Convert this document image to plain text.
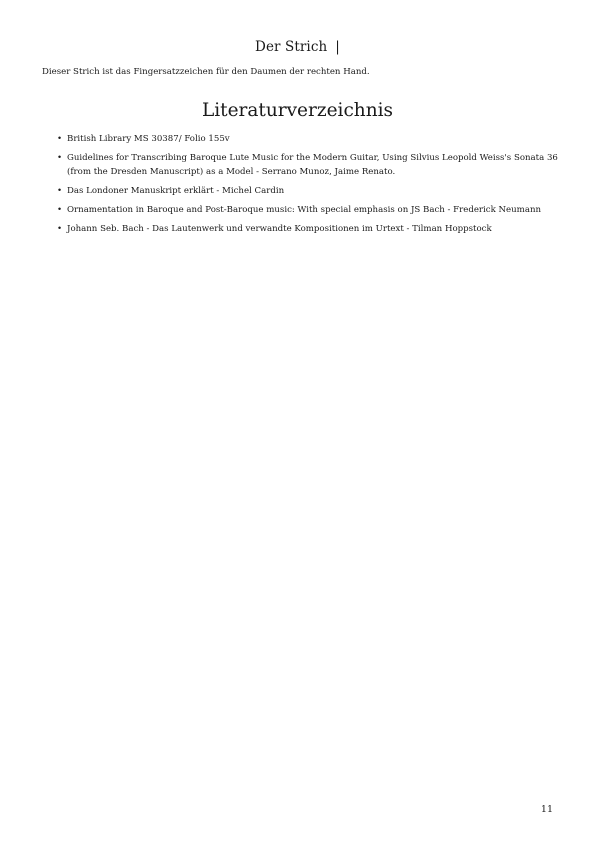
Der Strich |

Dieser Strich ist das Fingersatzzeichen für den Daumen der rechten Hand.

Literaturverzeichnis
• British Library MS 30387/ Folio 155v
• Guidelines for Transcribing Baroque Lute Music for the Modern Guitar, Using Silvius Leopold Weiss's Sonata 36 (from the Dresden Manuscript) as a Model - Serrano Munoz, Jaime Renato.
• Das Londoner Manuskript erklärt - Michel Cardin
• Ornamentation in Baroque and Post-Baroque music: With special emphasis on JS Bach - Frederick Neumann
• Johann Seb. Bach - Das Lautenwerk und verwandte Kompositionen im Urtext - Tilman Hoppstock

11
